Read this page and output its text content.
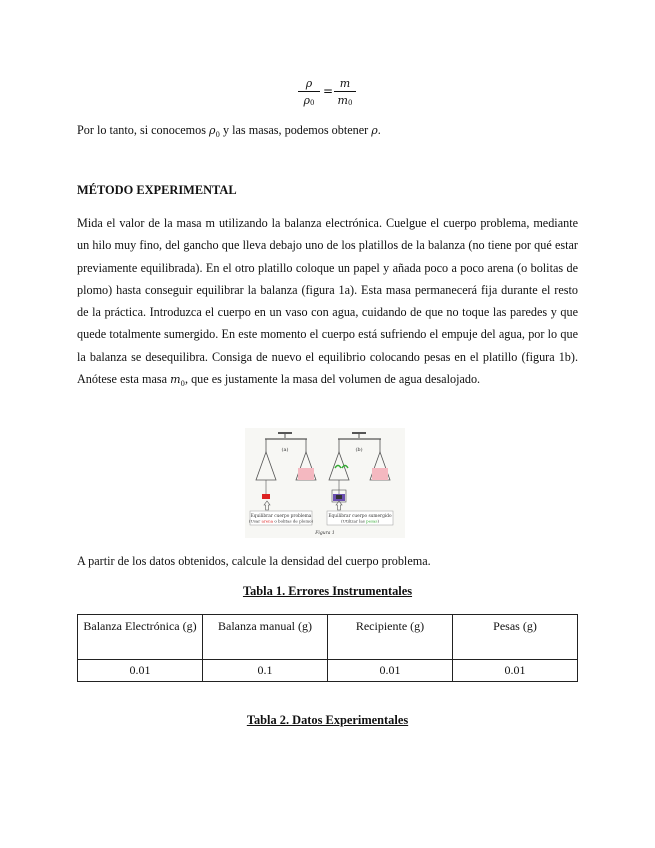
ρ
$\rho_0$
=
m
$m_0$

Por lo tanto, si conocemos $\rho_0$ y las masas, podemos obtener ρ.

MÉTODO EXPERIMENTAL

Mida el valor de la masa m utilizando la balanza electrónica. Cuelgue el cuerpo problema, mediante un hilo muy fino, del gancho que lleva debajo uno de los platillos de la balanza (no tiene por qué estar previamente equilibrada). En el otro platillo coloque un papel y añada poco a poco arena (o bolitas de plomo) hasta conseguir equilibrar la balanza (figura 1a). Esta masa permanecerá fija durante el resto de la práctica. Introduzca el cuerpo en un vaso con agua, cuidando de que no toque las paredes y que quede totalmente sumergido. En este momento el cuerpo está sufriendo el empuje del agua, por lo que la balanza se desequilibra. Consiga de nuevo el equilibrio colocando pesas en el platillo (figura 1b). Anótese esta masa $m_0$, que es justamente la masa del volumen de agua desalojado.

(a)	(b)
Equilibrar cuerpo problema
(Usar arena o bolitas de plomo)
Equilibrar cuerpo sumergido
(Utilizar las pesas)
Figura 1

A partir de los datos obtenidos, calcule la densidad del cuerpo problema.

Tabla 1. Errores Instrumentales
Balanza Electrónica (g)	Balanza manual (g)	Recipiente (g)	Pesas (g)
0.01	0.1	0.01	0.01
Tabla 2. Datos Experimentales
